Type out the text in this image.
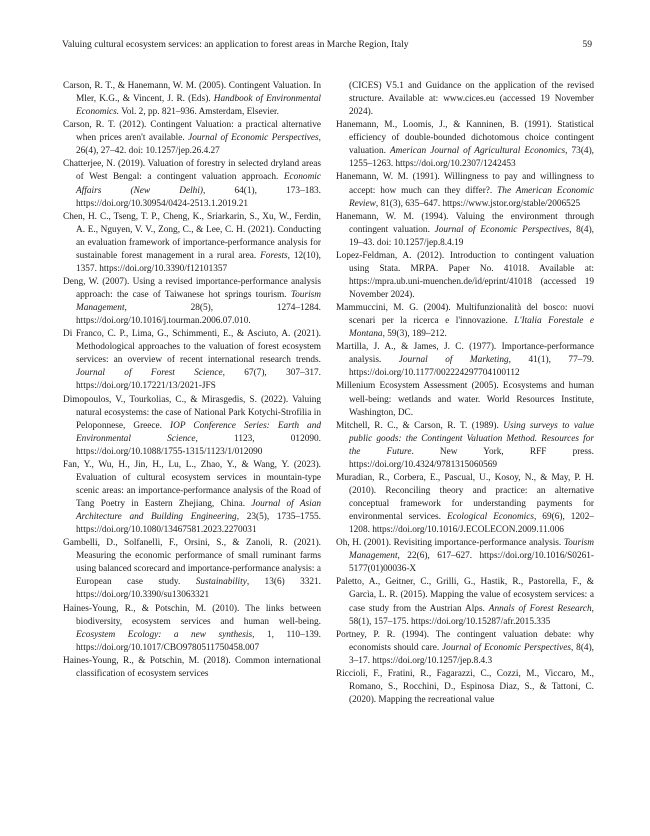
Valuing cultural ecosystem services: an application to forest areas in Marche Region, Italy	59

Carson, R. T., & Hanemann, W. M. (2005). Contingent Valuation. In Mler, K.G., & Vincent, J. R. (Eds). Handbook of Environmental Economics. Vol. 2, pp. 821–936. Amsterdam, Elsevier.

Carson, R. T. (2012). Contingent Valuation: a practical alternative when prices aren't available. Journal of Economic Perspectives, 26(4), 27–42. doi: 10.1257/jep.26.4.27

Chatterjee, N. (2019). Valuation of forestry in selected dryland areas of West Bengal: a contingent valuation approach. Economic Affairs (New Delhi), 64(1), 173–183. https://doi.org/10.30954/0424-2513.1.2019.21

Chen, H. C., Tseng, T. P., Cheng, K., Sriarkarin, S., Xu, W., Ferdin, A. E., Nguyen, V. V., Zong, C., & Lee, C. H. (2021). Conducting an evaluation framework of importance-performance analysis for sustainable forest management in a rural area. Forests, 12(10), 1357. https://doi.org/10.3390/f12101357

Deng, W. (2007). Using a revised importance-performance analysis approach: the case of Taiwanese hot springs tourism. Tourism Management, 28(5), 1274–1284. https://doi.org/10.1016/j.tourman.2006.07.010.

Di Franco, C. P., Lima, G., Schimmenti, E., & Asciuto, A. (2021). Methodological approaches to the valuation of forest ecosystem services: an overview of recent international research trends. Journal of Forest Science, 67(7), 307–317. https://doi.org/10.17221/13/2021-JFS

Dimopoulos, V., Tourkolias, C., & Mirasgedis, S. (2022). Valuing natural ecosystems: the case of National Park Kotychi-Strofilia in Peloponnese, Greece. IOP Conference Series: Earth and Environmental Science, 1123, 012090. https://doi.org/10.1088/1755-1315/1123/1/012090

Fan, Y., Wu, H., Jin, H., Lu, L., Zhao, Y., & Wang, Y. (2023). Evaluation of cultural ecosystem services in mountain-type scenic areas: an importance-performance analysis of the Road of Tang Poetry in Eastern Zhejiang, China. Journal of Asian Architecture and Building Engineering, 23(5), 1735–1755. https://doi.org/10.1080/13467581.2023.2270031

Gambelli, D., Solfanelli, F., Orsini, S., & Zanoli, R. (2021). Measuring the economic performance of small ruminant farms using balanced scorecard and importance-performance analysis: a European case study. Sustainability, 13(6) 3321. https://doi.org/10.3390/su13063321

Haines-Young, R., & Potschin, M. (2010). The links between biodiversity, ecosystem services and human well-being. Ecosystem Ecology: a new synthesis, 1, 110–139. https://doi.org/10.1017/CBO9780511750458.007

Haines-Young, R., & Potschin, M. (2018). Common international classification of ecosystem services

(CICES) V5.1 and Guidance on the application of the revised structure. Available at: www.cices.eu (accessed 19 November 2024).

Hanemann, M., Loomis, J., & Kanninen, B. (1991). Statistical efficiency of double-bounded dichotomous choice contingent valuation. American Journal of Agricultural Economics, 73(4), 1255–1263. https://doi.org/10.2307/1242453

Hanemann, W. M. (1991). Willingness to pay and willingness to accept: how much can they differ?. The American Economic Review, 81(3), 635–647. https://www.jstor.org/stable/2006525

Hanemann, W. M. (1994). Valuing the environment through contingent valuation. Journal of Economic Perspectives, 8(4), 19–43. doi: 10.1257/jep.8.4.19

Lopez-Feldman, A. (2012). Introduction to contingent valuation using Stata. MRPA. Paper No. 41018. Available at: https://mpra.ub.uni-muenchen.de/id/eprint/41018 (accessed 19 November 2024).

Mammuccini, M. G. (2004). Multifunzionalità del bosco: nuovi scenari per la ricerca e l'innovazione. L'Italia Forestale e Montana, 59(3), 189–212.

Martilla, J. A., & James, J. C. (1977). Importance-performance analysis. Journal of Marketing, 41(1), 77–79. https://doi.org/10.1177/002224297704100112

Millenium Ecosystem Assessment (2005). Ecosystems and human well-being: wetlands and water. World Resources Institute, Washington, DC.

Mitchell, R. C., & Carson, R. T. (1989). Using surveys to value public goods: the Contingent Valuation Method. Resources for the Future. New York, RFF press. https://doi.org/10.4324/9781315060569

Muradian, R., Corbera, E., Pascual, U., Kosoy, N., & May, P. H. (2010). Reconciling theory and practice: an alternative conceptual framework for understanding payments for environmental services. Ecological Economics, 69(6), 1202–1208. https://doi.org/10.1016/J.ECOLECON.2009.11.006

Oh, H. (2001). Revisiting importance-performance analysis. Tourism Management, 22(6), 617–627. https://doi.org/10.1016/S0261-5177(01)00036-X

Paletto, A., Geitner, C., Grilli, G., Hastik, R., Pastorella, F., & Garcìa, L. R. (2015). Mapping the value of ecosystem services: a case study from the Austrian Alps. Annals of Forest Research, 58(1), 157–175. https://doi.org/10.15287/afr.2015.335

Portney, P. R. (1994). The contingent valuation debate: why economists should care. Journal of Economic Perspectives, 8(4), 3–17. https://doi.org/10.1257/jep.8.4.3

Riccioli, F., Fratini, R., Fagarazzi, C., Cozzi, M., Viccaro, M., Romano, S., Rocchini, D., Espinosa Diaz, S., & Tattoni, C. (2020). Mapping the recreational value
